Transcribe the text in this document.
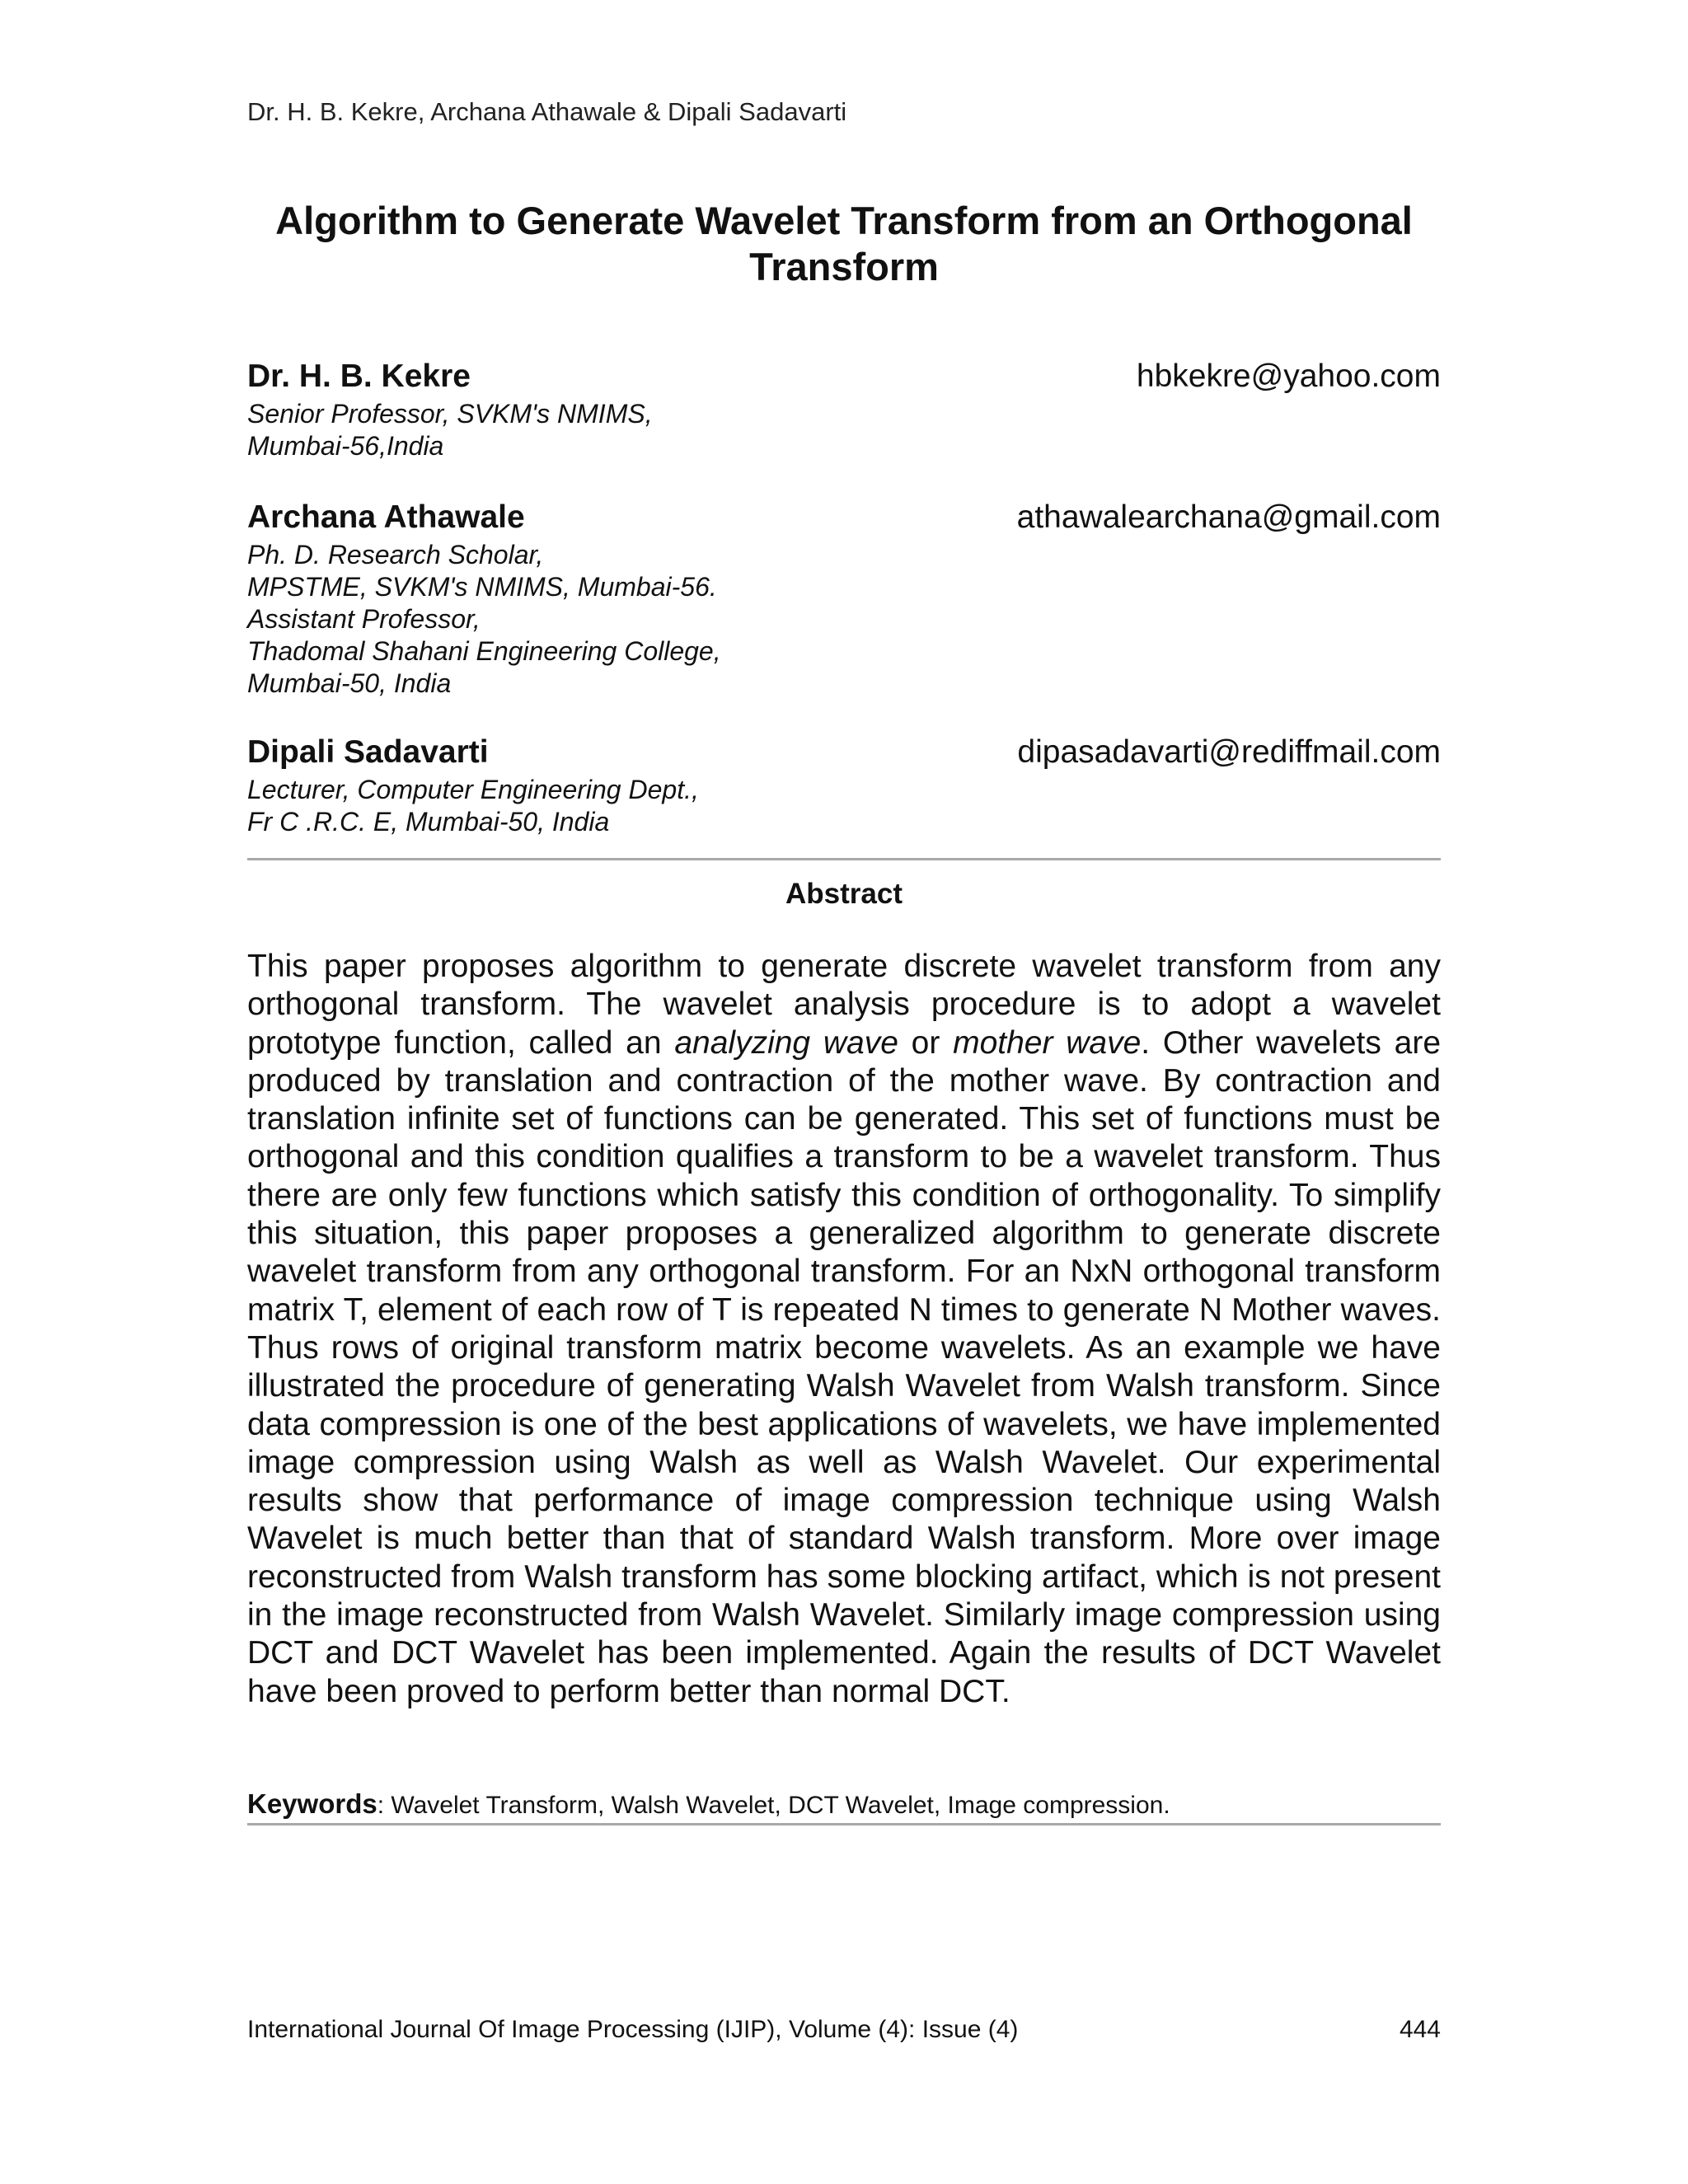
Dr. H. B. Kekre, Archana Athawale & Dipali Sadavarti
Algorithm to Generate Wavelet Transform from an Orthogonal
Transform
Dr. H. B. Kekre	hbkekre@yahoo.com
Senior Professor, SVKM's NMIMS,
Mumbai-56,India
Archana Athawale	athawalearchana@gmail.com
Ph. D. Research Scholar,
MPSTME, SVKM's NMIMS, Mumbai-56.
Assistant Professor,
Thadomal Shahani Engineering College,
Mumbai-50, India
Dipali Sadavarti	dipasadavarti@rediffmail.com
Lecturer, Computer Engineering Dept.,
Fr C .R.C. E, Mumbai-50, India
Abstract
This paper proposes algorithm to generate discrete wavelet transform from any orthogonal transform. The wavelet analysis procedure is to adopt a wavelet prototype function, called an analyzing wave or mother wave. Other wavelets are produced by translation and contraction of the mother wave. By contraction and translation infinite set of functions can be generated. This set of functions must be orthogonal and this condition qualifies a transform to be a wavelet transform. Thus there are only few functions which satisfy this condition of orthogonality. To simplify this situation, this paper proposes a generalized algorithm to generate discrete wavelet transform from any orthogonal transform. For an NxN orthogonal transform matrix T, element of each row of T is repeated N times to generate N Mother waves. Thus rows of original transform matrix become wavelets. As an example we have illustrated the procedure of generating Walsh Wavelet from Walsh transform. Since data compression is one of the best applications of wavelets, we have implemented image compression using Walsh as well as Walsh Wavelet. Our experimental results show that performance of image compression technique using Walsh Wavelet is much better than that of standard Walsh transform. More over image reconstructed from Walsh transform has some blocking artifact, which is not present in the image reconstructed from Walsh Wavelet. Similarly image compression using DCT and DCT Wavelet has been implemented. Again the results of DCT Wavelet have been proved to perform better than normal DCT.
Keywords: Wavelet Transform, Walsh Wavelet, DCT Wavelet, Image compression.
International Journal Of Image Processing (IJIP), Volume (4): Issue (4)	444
